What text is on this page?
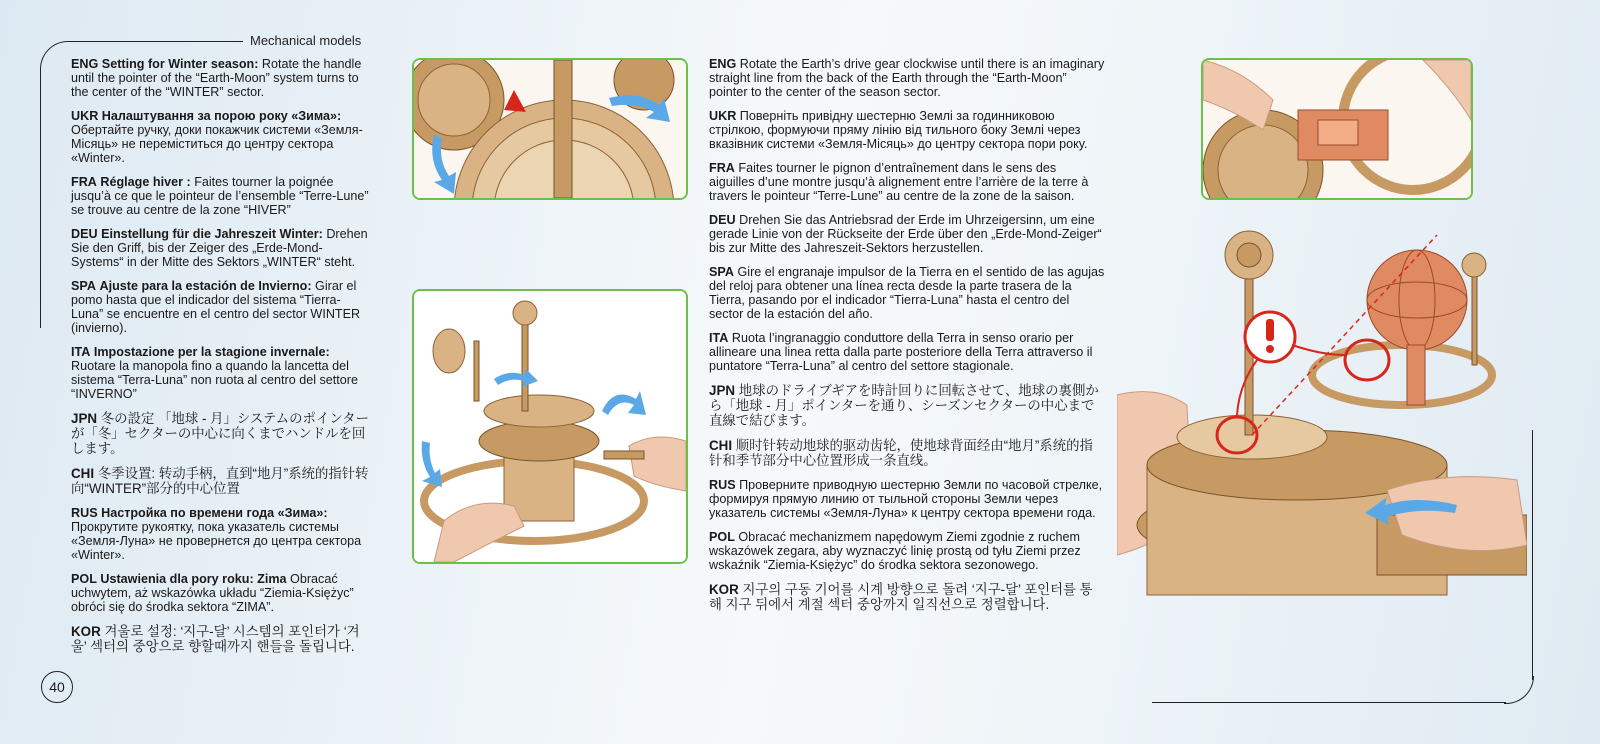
Mechanical models

ENG Setting for Winter season: Rotate the handle until the pointer of the “Earth-Moon” system turns to the center of the “WINTER” sector.

UKR Налаштування за порою року «Зима»:
Обертайте ручку, доки покажчик системи «Земля-Місяць» не переміститься до центру сектора «Winter».

FRA Réglage hiver : Faites tourner la poignée jusqu’à ce que le pointeur de l’ensemble “Terre-Lune” se trouve au centre de la zone “HIVER”

DEU Einstellung für die Jahreszeit Winter: Drehen Sie den Griff, bis der Zeiger des „Erde-Mond-Systems“ in der Mitte des Sektors „WINTER“ steht.

SPA Ajuste para la estación de Invierno: Girar el pomo hasta que el indicador del sistema “Tierra-Luna” se encuentre en el centro del sector WINTER (invierno).

ITA Impostazione per la stagione invernale:
Ruotare la manopola fino a quando la lancetta del sistema “Terra-Luna” non ruota al centro del settore “INVERNO”

JPN 冬の設定 「地球 - 月」システムのポインターが「冬」セクターの中心に向くまでハンドルを回します。

CHI 冬季设置: 转动手柄，直到“地月”系统的指针转向“WINTER”部分的中心位置

RUS Настройка по времени года «Зима»:
Прокрутите рукоятку, пока указатель системы «Земля-Луна» не провернется до центра сектора «Winter».

POL Ustawienia dla pory roku: Zima Obracać uchwytem, aż wskazówka układu “Ziemia-Księżyc” obróci się do środka sektora “ZIMA”.

KOR 겨울로 설정: ‘지구-달’ 시스템의 포인터가 ‘겨울’ 섹터의 중앙으로 향할때까지 핸들을 돌립니다.

ENG Rotate the Earth’s drive gear clockwise until there is an imaginary straight line from the back of the Earth through the “Earth-Moon” pointer to the center of the season sector.

UKR Поверніть привідну шестерню Землі за годинниковою стрілкою, формуючи пряму лінію від тильного боку Землі через вказівник системи «Земля-Місяць» до центру сектора пори року.

FRA Faites tourner le pignon d’entraînement dans le sens des aiguilles d’une montre jusqu’à alignement entre l’arrière de la terre à travers le pointeur “Terre-Lune” au centre de la zone de la saison.

DEU Drehen Sie das Antriebsrad der Erde im Uhrzeigersinn, um eine gerade Linie von der Rückseite der Erde über den „Erde-Mond-Zeiger“ bis zur Mitte des Jahreszeit-Sektors herzustellen.

SPA Gire el engranaje impulsor de la Tierra en el sentido de las agujas del reloj para obtener una línea recta desde la parte trasera de la Tierra, pasando por el indicador “Tierra-Luna” hasta el centro del sector de la estación del año.

ITA Ruota l’ingranaggio conduttore della Terra in senso orario per allineare una linea retta dalla parte posteriore della Terra attraverso il puntatore “Terra-Luna” al centro del settore stagionale.

JPN 地球のドライブギアを時計回りに回転させて、地球の裏側から「地球 - 月」ポインターを通り、シーズンセクターの中心まで直線で結びます。

CHI 顺时针转动地球的驱动齿轮，使地球背面经由“地月”系统的指针和季节部分中心位置形成一条直线。

RUS Проверните приводную шестерню Земли по часовой стрелке, формируя прямую линию от тыльной стороны Земли через указатель системы «Земля-Луна» к центру сектора времени года.

POL Obracać mechanizmem napędowym Ziemi zgodnie z ruchem wskazówek zegara, aby wyznaczyć linię prostą od tyłu Ziemi przez wskaźnik “Ziemia-Księżyc” do środka sektora sezonowego.

KOR 지구의 구동 기어를 시계 방향으로 돌려 ‘지구-달’ 포인터를 통해 지구 뒤에서 계절 섹터 중앙까지 일직선으로 정렬합니다.

40
